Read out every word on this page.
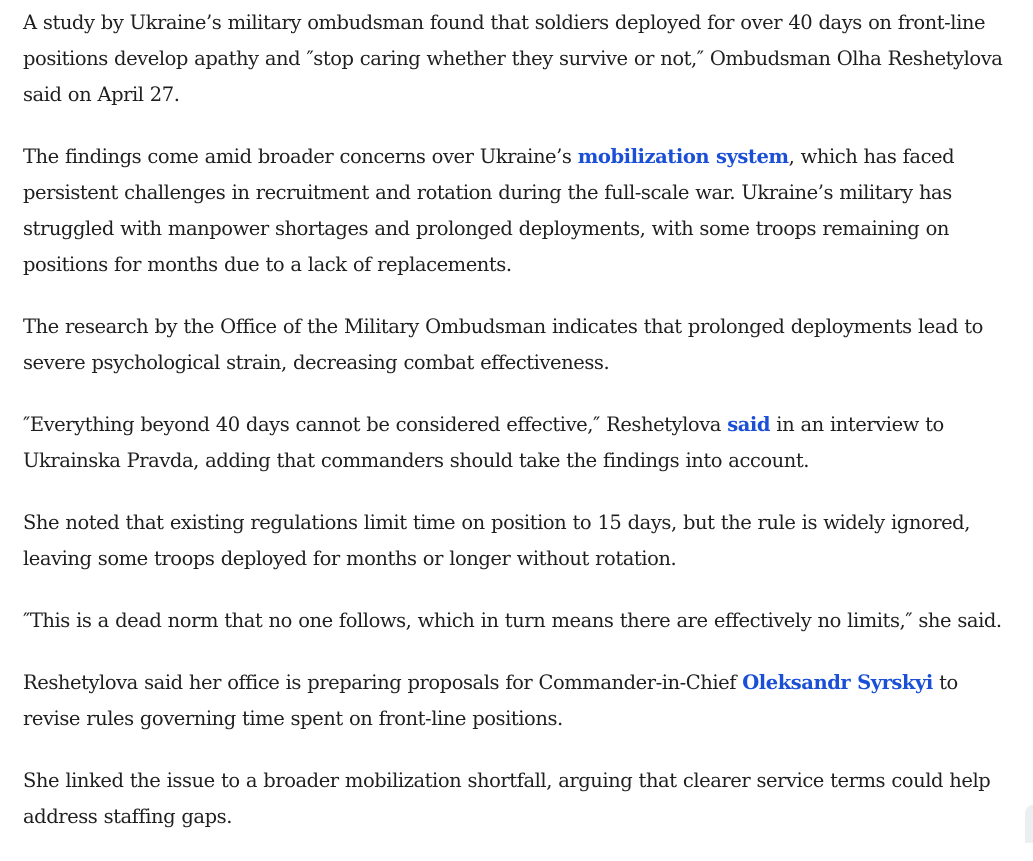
A study by Ukraine’s military ombudsman found that soldiers deployed for over 40 days on front-line positions develop apathy and ″stop caring whether they survive or not,″ Ombudsman Olha Reshetylova said on April 27.

The findings come amid broader concerns over Ukraine’s mobilization system, which has faced persistent challenges in recruitment and rotation during the full-scale war. Ukraine’s military has struggled with manpower shortages and prolonged deployments, with some troops remaining on positions for months due to a lack of replacements.

The research by the Office of the Military Ombudsman indicates that prolonged deployments lead to severe psychological strain, decreasing combat effectiveness.

″Everything beyond 40 days cannot be considered effective,″ Reshetylova said in an interview to Ukrainska Pravda, adding that commanders should take the findings into account.

She noted that existing regulations limit time on position to 15 days, but the rule is widely ignored, leaving some troops deployed for months or longer without rotation.

″This is a dead norm that no one follows, which in turn means there are effectively no limits,″ she said.

Reshetylova said her office is preparing proposals for Commander-in-Chief Oleksandr Syrskyi to revise rules governing time spent on front-line positions.

She linked the issue to a broader mobilization shortfall, arguing that clearer service terms could help address staffing gaps.
